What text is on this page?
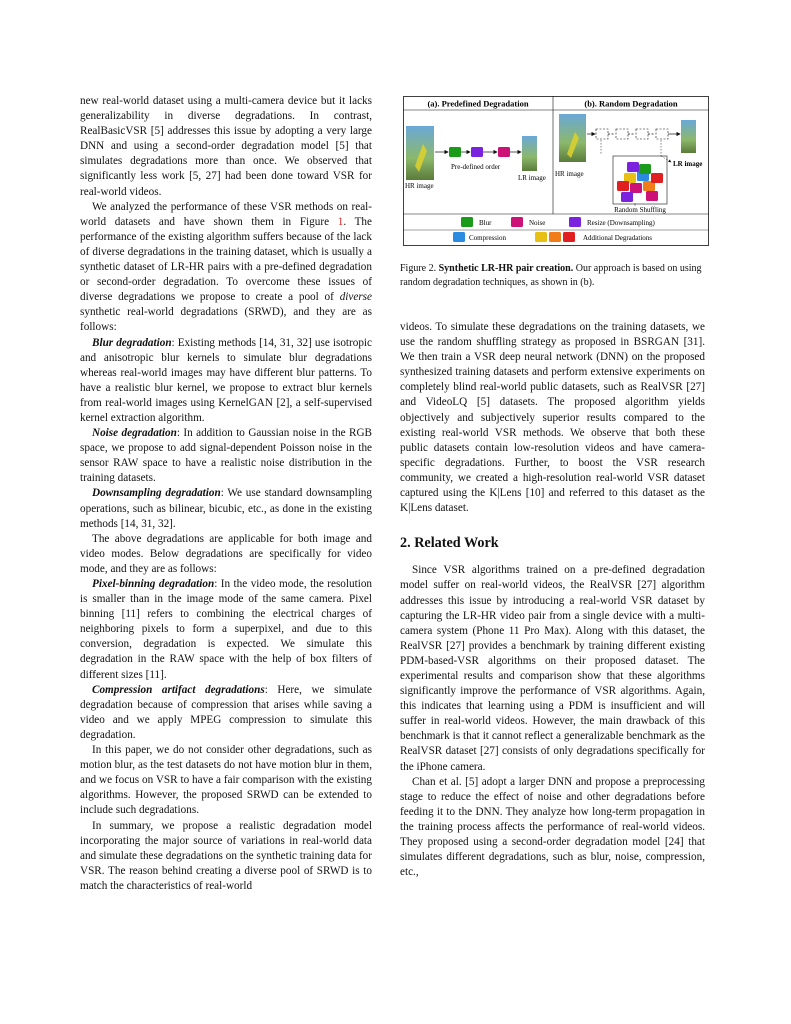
new real-world dataset using a multi-camera device but it lacks generalizability in diverse degradations. In contrast, RealBasicVSR [5] addresses this issue by adopting a very large DNN and using a second-order degradation model [5] that simulates degradations more than once. We observed that significantly less work [5, 27] had been done toward VSR for real-world videos.

We analyzed the performance of these VSR methods on real-world datasets and have shown them in Figure 1. The performance of the existing algorithm suffers because of the lack of diverse degradations in the training dataset, which is usually a synthetic dataset of LR-HR pairs with a pre-defined degradation or second-order degradation. To overcome these issues of diverse degradations we propose to create a pool of diverse synthetic real-world degradations (SRWD), and they are as follows:

Blur degradation: Existing methods [14, 31, 32] use isotropic and anisotropic blur kernels to simulate blur degradations whereas real-world images may have different blur patterns. To have a realistic blur kernel, we propose to extract blur kernels from real-world images using KernelGAN [2], a self-supervised kernel extraction algorithm.

Noise degradation: In addition to Gaussian noise in the RGB space, we propose to add signal-dependent Poisson noise in the sensor RAW space to have a realistic noise distribution in the training datasets.

Downsampling degradation: We use standard downsampling operations, such as bilinear, bicubic, etc., as done in the existing methods [14, 31, 32].

The above degradations are applicable for both image and video modes. Below degradations are specifically for video mode, and they are as follows:

Pixel-binning degradation: In the video mode, the resolution is smaller than in the image mode of the same camera. Pixel binning [11] refers to combining the electrical charges of neighboring pixels to form a superpixel, and due to this conversion, degradation is expected. We simulate this degradation in the RAW space with the help of box filters of different sizes [11].

Compression artifact degradations: Here, we simulate degradation because of compression that arises while saving a video and we apply MPEG compression to simulate this degradation.

In this paper, we do not consider other degradations, such as motion blur, as the test datasets do not have motion blur in them, and we focus on VSR to have a fair comparison with the existing algorithms. However, the proposed SRWD can be extended to include such degradations.

In summary, we propose a realistic degradation model incorporating the major source of variations in real-world data and simulate these degradations on the synthetic training data for VSR. The reason behind creating a diverse pool of SRWD is to match the characteristics of real-world

(a). Predefined Degradation	(b). Random Degradation
HR image
Pre-defined order
LR image HR image
LR image
Random Shuffling
Blur	Noise	Resize (Downsampling)
Compression	Additional Degradations
Figure 2. Synthetic LR-HR pair creation. Our approach is based on using random degradation techniques, as shown in (b).

videos. To simulate these degradations on the training datasets, we use the random shuffling strategy as proposed in BSRGAN [31]. We then train a VSR deep neural network (DNN) on the proposed synthesized training datasets and perform extensive experiments on completely blind real-world public datasets, such as RealVSR [27] and VideoLQ [5] datasets. The proposed algorithm yields objectively and subjectively superior results compared to the existing real-world VSR methods. We observe that both these public datasets contain low-resolution videos and have camera-specific degradations. Further, to boost the VSR research community, we created a high-resolution real-world VSR dataset captured using the K|Lens [10] and referred to this dataset as the K|Lens dataset.

2. Related Work

Since VSR algorithms trained on a pre-defined degradation model suffer on real-world videos, the RealVSR [27] algorithm addresses this issue by introducing a real-world VSR dataset by capturing the LR-HR video pair from a single device with a multi-camera system (Phone 11 Pro Max). Along with this dataset, the RealVSR [27] provides a benchmark by training different existing PDM-based-VSR algorithms on their proposed dataset. The experimental results and comparison show that these algorithms significantly improve the performance of VSR algorithms. Again, this indicates that learning using a PDM is insufficient and will suffer in real-world videos. However, the main drawback of this benchmark is that it cannot reflect a generalizable benchmark as the RealVSR dataset [27] consists of only degradations specifically for the iPhone camera.

Chan et al. [5] adopt a larger DNN and propose a preprocessing stage to reduce the effect of noise and other degradations before feeding it to the DNN. They analyze how long-term propagation in the training process affects the performance of real-world videos. They proposed using a second-order degradation model [24] that simulates different degradations, such as blur, noise, compression, etc.,
